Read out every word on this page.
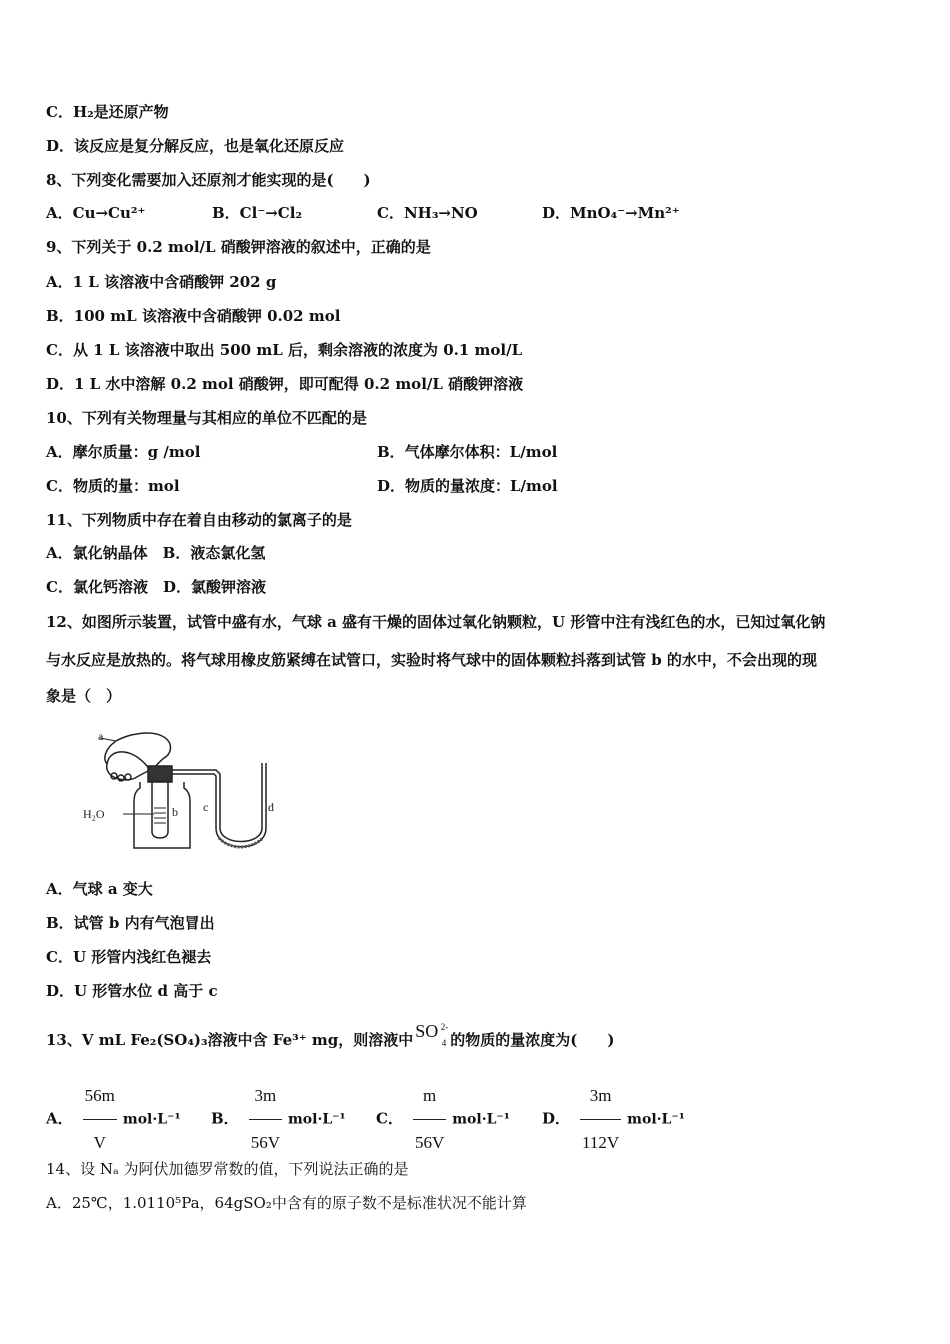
C．H₂是还原产物
D．该反应是复分解反应，也是氧化还原反应
8、下列变化需要加入还原剂才能实现的是(　　)
A．Cu→Cu²⁺	B．Cl⁻→Cl₂	C．NH₃→NO	D．MnO₄⁻→Mn²⁺
9、下列关于 0.2 mol/L 硝酸钾溶液的叙述中，正确的是
A．1 L 该溶液中含硝酸钾 202 g
B．100 mL 该溶液中含硝酸钾 0.02 mol
C．从 1 L 该溶液中取出 500 mL 后，剩余溶液的浓度为 0.1 mol/L
D．1 L 水中溶解 0.2 mol 硝酸钾，即可配得 0.2 mol/L 硝酸钾溶液
10、下列有关物理量与其相应的单位不匹配的是
A．摩尔质量：g /mol	B．气体摩尔体积：L/mol
C．物质的量：mol	D．物质的量浓度：L/mol
11、下列物质中存在着自由移动的氯离子的是
A．氯化钠晶体　B．液态氯化氢
C．氯化钙溶液　D．氯酸钾溶液
12、如图所示装置，试管中盛有水，气球 a 盛有干燥的固体过氧化钠颗粒，U 形管中注有浅红色的水，已知过氧化钠
与水反应是放热的。将气球用橡皮筋紧缚在试管口，实验时将气球中的固体颗粒抖落到试管 b 的水中，不会出现的现
象是（　）
a
b c	d
H₂O
A．气球 a 变大
B．试管 b 内有气泡冒出
C．U 形管内浅红色褪去
D．U 形管水位 d 高于 c
13、V mL Fe₂(SO₄)₃溶液中含 Fe³⁺ mg，则溶液中 SO 2-
4 的物质的量浓度为(　　)
A． $\frac{56m}{V} mol\cdot L^{-1}$ B． $\frac{3m}{56V} mol\cdot L^{-1}$ C． $\frac{m}{56V} mol\cdot L^{-1}$ D． $\frac{3m}{112V} mol\cdot L^{-1}$
14、设 Nₐ 为阿伏加德罗常数的值，下列说法正确的是
A．25℃，1.0110⁵Pa，64gSO₂中含有的原子数不是标准状况不能计算
